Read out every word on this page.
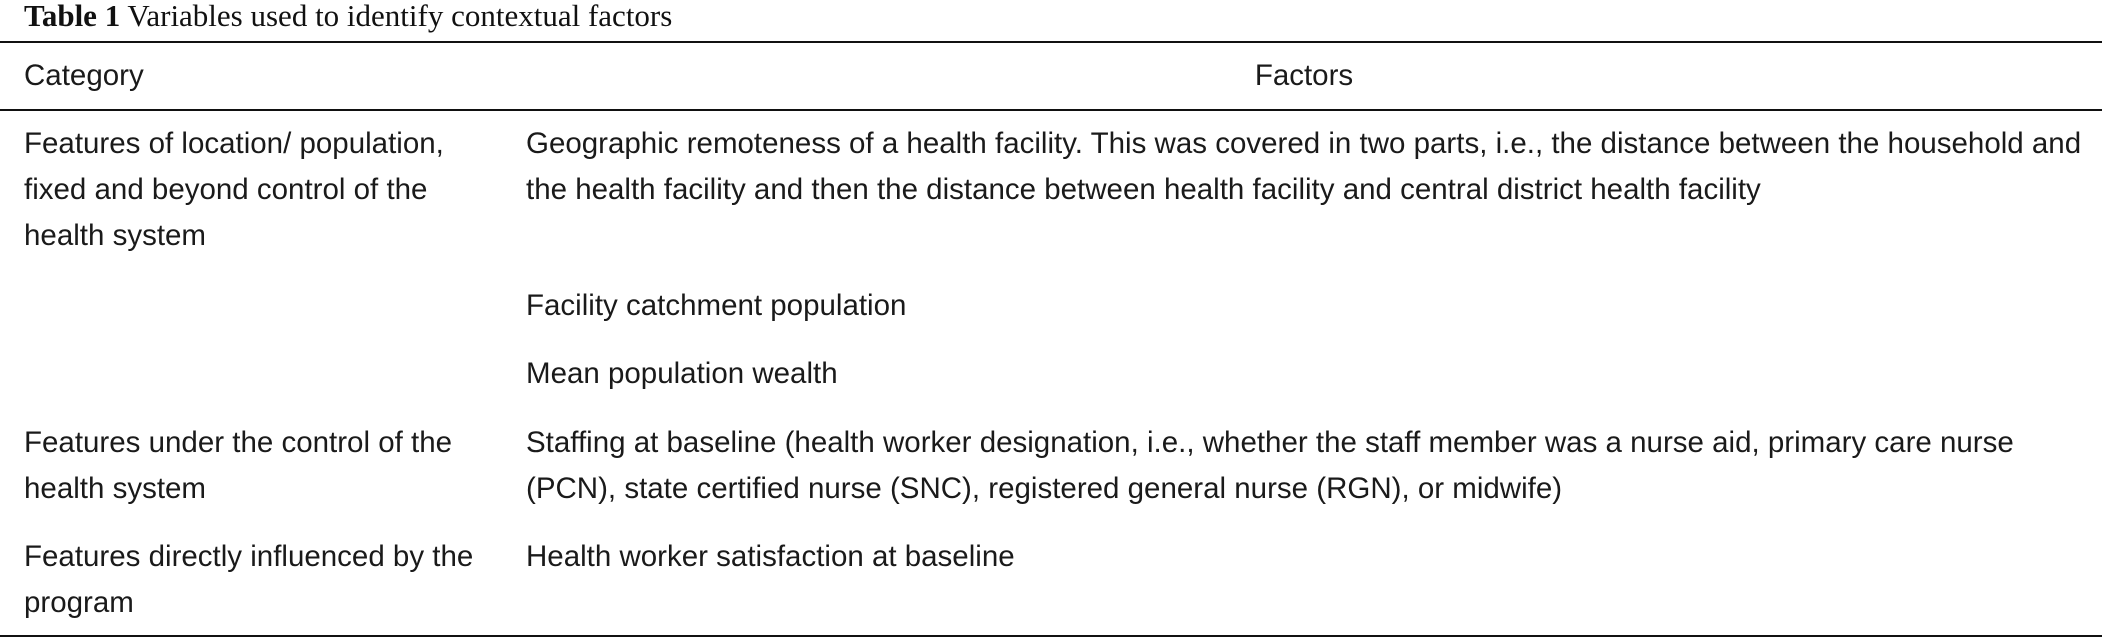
Table 1 Variables used to identify contextual factors
Category	Factors
Features of location/ population, fixed and beyond control of the health system
Geographic remoteness of a health facility. This was covered in two parts, i.e., the distance between the household and the health facility and then the distance between health facility and central district health facility
Facility catchment population
Mean population wealth
Features under the control of the health system
Staffing at baseline (health worker designation, i.e., whether the staff member was a nurse aid, primary care nurse (PCN), state certified nurse (SNC), registered general nurse (RGN), or midwife)
Features directly influenced by the program
Health worker satisfaction at baseline
